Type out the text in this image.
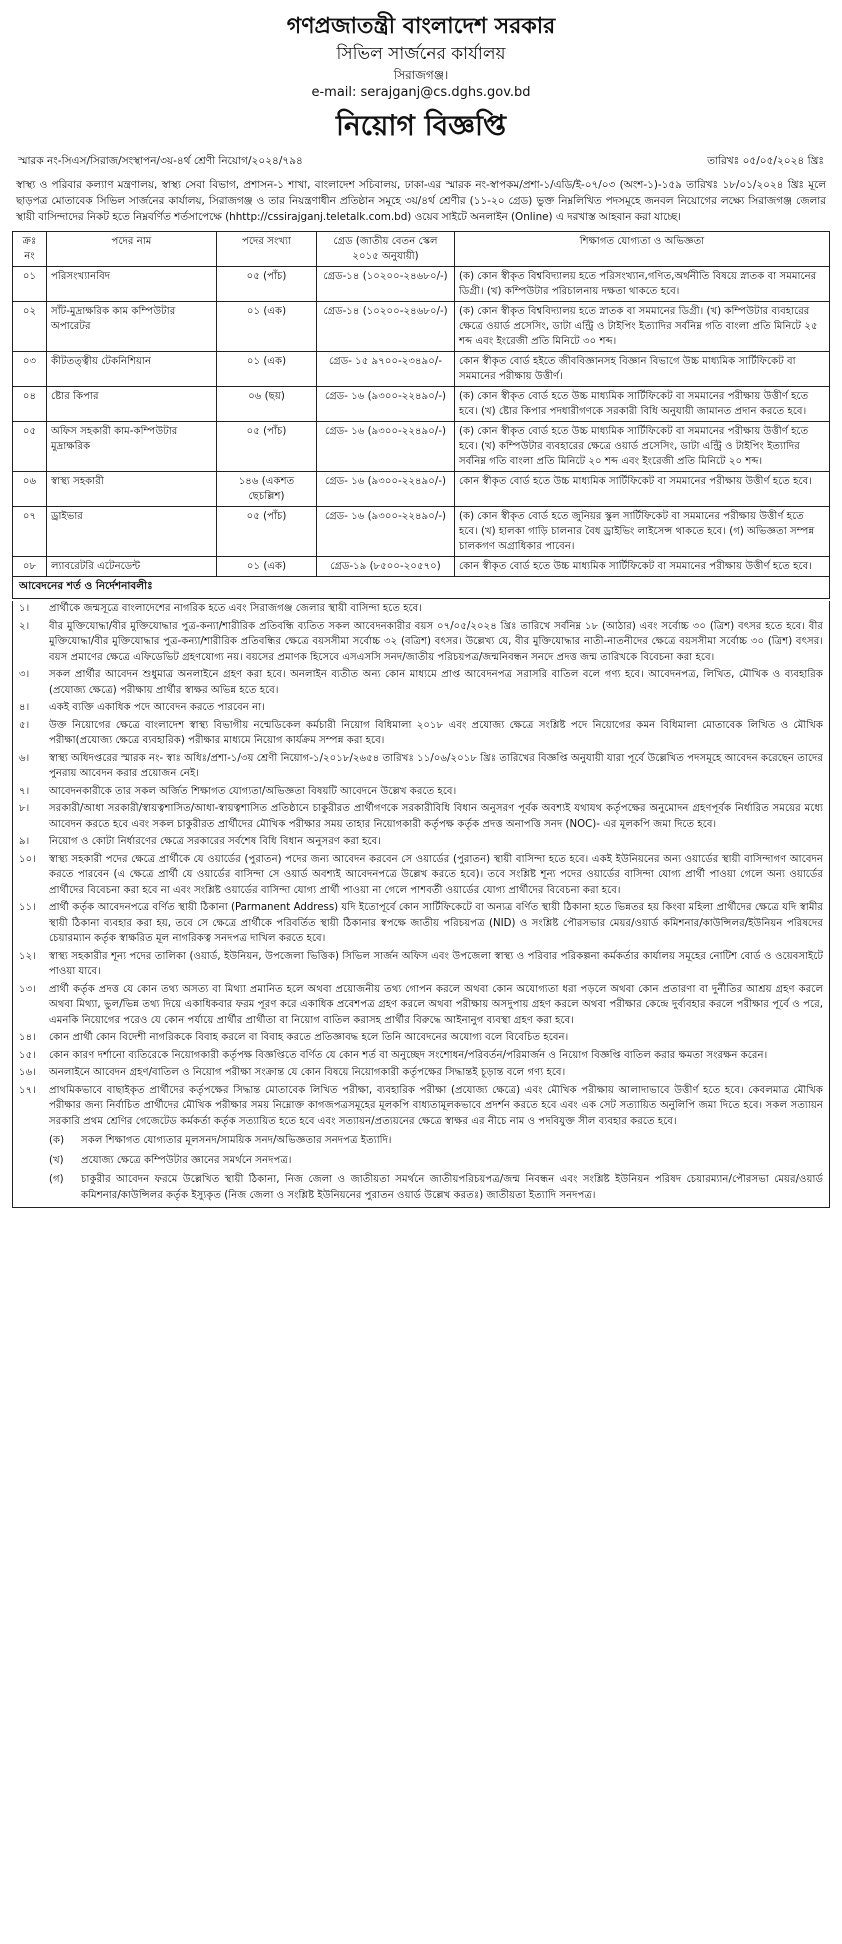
গণপ্রজাতন্ত্রী বাংলাদেশ সরকার
সিভিল সার্জনের কার্যালয়
সিরাজগঞ্জ।
e-mail: serajganj@cs.dghs.gov.bd
নিয়োগ বিজ্ঞপ্তি
স্মারক নং-সিএস/সিরাজ/সংস্থাপন/৩য়-৪র্থ শ্রেণী নিয়োগ/২০২৪/৭৯৪	তারিখঃ ০৫/০৫/২০২৪ খ্রিঃ
স্বাস্থ্য ও পরিবার কল্যাণ মন্ত্রণালয়, স্বাস্থ্য সেবা বিভাগ, প্রশাসন-১ শাখা, বাংলাদেশ সচিবালয়, ঢাকা-এর স্মারক নং-স্বাপকম/প্রশা-১/এডি/ই-০৭/০৩ (অংশ-১)-১৫৯ তারিখঃ ১৮/০১/২০২৪ খ্রিঃ মূলে ছাড়পত্র মোতাবেক সিভিল সার্জনের কার্যালয়, সিরাজগঞ্জ ও তার নিয়ন্ত্রণাধীন প্রতিষ্ঠান সমূহে ৩য়/৪র্থ শ্রেণীর (১১-২০ গ্রেড) ভুক্ত নিম্নলিখিত পদসমূহে জনবল নিয়োগের লক্ষ্যে সিরাজগঞ্জ জেলার স্থায়ী বাসিন্দাদের নিকট হতে নিম্নবর্ণিত শর্তসাপেক্ষে (hhttp://cssirajganj.teletalk.com.bd) ওয়েব সাইটে অনলাইন (Online) এ দরখাস্ত আহবান করা যাচ্ছে।
ক্রঃ নং	পদের নাম	পদের সংখ্যা	গ্রেড (জাতীয় বেতন স্কেল ২০১৫ অনুযায়ী)	শিক্ষাগত যোগ্যতা ও অভিজ্ঞতা
০১	পরিসংখ্যানবিদ	০৫ (পাঁচ)	গ্রেড-১৪ (১০২০০-২৪৬৮০/-)	(ক) কোন স্বীকৃত বিশ্ববিদ্যালয় হতে পরিসংখ্যান,গণিত,অর্থনীতি বিষয়ে স্নাতক বা সমমানের ডিগ্রী। (খ) কম্পিউটার পরিচালনায় দক্ষতা থাকতে হবে।
০২	সাঁট-মুদ্রাক্ষরিক কাম কম্পিউটার অপারেটর	০১ (এক)	গ্রেড-১৪ (১০২০০-২৪৬৮০/-)	(ক) কোন স্বীকৃত বিশ্ববিদ্যালয় হতে স্নাতক বা সমমানের ডিগ্রী। (খ) কম্পিউটার ব্যবহারের ক্ষেত্রে ওয়ার্ড প্রসেসিং, ডাটা এন্ট্রি ও টাইপিং ইত্যাদির সর্বনিম্ন গতি বাংলা প্রতি মিনিটে ২৫ শব্দ এবং ইংরেজী প্রতি মিনিটে ৩০ শব্দ।
০৩	কীটতত্ত্বীয় টেকনিশিয়ান	০১ (এক)	গ্রেড- ১৫ ৯৭০০-২৩৪৯০/-	কোন স্বীকৃত বোর্ড হইতে জীববিজ্ঞানসহ বিজ্ঞান বিভাগে উচ্চ মাধ্যমিক সার্টিফিকেট বা সমমানের পরীক্ষায় উত্তীর্ণ।
০৪	ষ্টোর কিপার	০৬ (ছয়)	গ্রেড- ১৬ (৯৩০০-২২৪৯০/-)	(ক) কোন স্বীকৃত বোর্ড হতে উচ্চ মাধ্যমিক সার্টিফিকেট বা সমমানের পরীক্ষায় উত্তীর্ণ হতে হবে। (খ) ষ্টোর কিপার পদধারীগণকে সরকারী বিধি অনুযায়ী জামানত প্রদান করতে হবে।
০৫	অফিস সহকারী কাম-কম্পিউটার মুদ্রাক্ষরিক	০৫ (পাঁচ)	গ্রেড- ১৬ (৯৩০০-২২৪৯০/-)	(ক) কোন স্বীকৃত বোর্ড হতে উচ্চ মাধ্যমিক সার্টিফিকেট বা সমমানের পরীক্ষায় উত্তীর্ণ হতে হবে। (খ) কম্পিউটার ব্যবহারের ক্ষেত্রে ওয়ার্ড প্রসেসিং, ডাটা এন্ট্রি ও টাইপিং ইত্যাদির সর্বনিম্ন গতি বাংলা প্রতি মিনিটে ২০ শব্দ এবং ইংরেজী প্রতি মিনিটে ২০ শব্দ।
০৬	স্বাস্থ্য সহকারী	১৪৬ (একশত ছেচল্লিশ)	গ্রেড- ১৬ (৯৩০০-২২৪৯০/-)	কোন স্বীকৃত বোর্ড হতে উচ্চ মাধ্যমিক সার্টিফিকেট বা সমমানের পরীক্ষায় উত্তীর্ণ হতে হবে।
০৭	ড্রাইভার	০৫ (পাঁচ)	গ্রেড- ১৬ (৯৩০০-২২৪৯০/-)	(ক) কোন স্বীকৃত বোর্ড হতে জুনিয়র স্কুল সার্টিফিকেট বা সমমানের পরীক্ষায় উত্তীর্ণ হতে হবে। (খ) হালকা গাড়ি চালনার বৈধ ড্রাইভিং লাইসেন্স থাকতে হবে। (গ) অভিজ্ঞতা সম্পন্ন চালকগণ অগ্রাধিকার পাবেন।
০৮	ল্যাবরেটরি এটেনডেন্ট	০১ (এক)	গ্রেড-১৯ (৮৫০০-২০৫৭০)	কোন স্বীকৃত বোর্ড হতে উচ্চ মাধ্যমিক সার্টিফিকেট বা সমমানের পরীক্ষায় উত্তীর্ণ হতে হবে।
আবেদনের শর্ত ও নির্দেশনাবলীঃ
১।	প্রার্থীকে জন্মসূত্রে বাংলাদেশের নাগরিক হতে এবং সিরাজগঞ্জ জেলার স্থায়ী বাসিন্দা হতে হবে।
২।	বীর মুক্তিযোদ্ধা/বীর মুক্তিযোদ্ধার পুত্র-কন্যা/শারীরিক প্রতিবন্ধি ব্যতিত সকল আবেদনকারীর বয়স ০৭/০৫/২০২৪ খ্রিঃ তারিখে সর্বনিম্ন ১৮ (আঠার) এবং সর্বোচ্চ ৩০ (ত্রিশ) বৎসর হতে হবে। বীর মুক্তিযোদ্ধা/বীর মুক্তিযোদ্ধার পুত্র-কন্যা/শারীরিক প্রতিবন্ধির ক্ষেত্রে বয়সসীমা সর্বোচ্চ ৩২ (বত্রিশ) বৎসর। উল্লেখ্য যে, বীর মুক্তিযোদ্ধার নাতী-নাতনীদের ক্ষেত্রে বয়সসীমা সর্বোচ্চ ৩০ (ত্রিশ) বৎসর। বয়স প্রমাণের ক্ষেত্রে এফিডেভিট গ্রহণযোগ্য নয়। বয়সের প্রমাণক হিসেবে এসএসসি সনদ/জাতীয় পরিচয়পত্র/জন্মনিবন্ধন সনদে প্রদত্ত জন্ম তারিখকে বিবেচনা করা হবে।
৩।	সকল প্রার্থীর আবেদন শুধুমাত্র অনলাইনে গ্রহণ করা হবে। অনলাইন ব্যতীত অন্য কোন মাধ্যমে প্রাপ্ত আবেদনপত্র সরাসরি বাতিল বলে গণ্য হবে। আবেদনপত্র, লিখিত, মৌখিক ও ব্যবহারিক (প্রযোজ্য ক্ষেত্রে) পরীক্ষায় প্রার্থীর স্বাক্ষর অভিন্ন হতে হবে।
৪।	একই ব্যক্তি একাধিক পদে আবেদন করতে পারবেন না।
৫।	উক্ত নিয়োগের ক্ষেত্রে বাংলাদেশ স্বাস্থ্য বিভাগীয় নন্মেডিকেল কর্মচারী নিয়োগ বিধিমালা ২০১৮ এবং প্রযোজ্য ক্ষেত্রে সংশ্লিষ্ট পদে নিয়োগের কমন বিধিমালা মোতাবেক লিখিত ও মৌখিক পরীক্ষা(প্রযোজ্য ক্ষেত্রে ব্যবহারিক) পরীক্ষার মাধ্যমে নিয়োগ কার্যক্রম সম্পন্ন করা হবে।
৬।	স্বাস্থ্য অধিদপ্তরের স্মারক নং- স্বাঃ অধিঃ/প্রশা-১/৩য় শ্রেণী নিয়োগ-১/২০১৮/২৬৫৪ তারিখঃ ১১/০৬/২০১৮ খ্রিঃ তারিখের বিজ্ঞপ্তি অনুযায়ী যারা পূর্বে উল্লেখিত পদসমূহে আবেদন করেছেন তাদের পুনরায় আবেদন করার প্রয়োজন নেই।
৭।	আবেদনকারীকে তার সকল অর্জিত শিক্ষাগত যোগ্যতা/অভিজ্ঞতা বিষয়টি আবেদনে উল্লেখ করতে হবে।
৮।	সরকারী/আধা সরকারী/স্বায়ত্বশাসিত/আধা-স্বায়ত্বশাসিত প্রতিষ্ঠানে চাকুরীরত প্রার্থীগণকে সরকারীবিধি বিধান অনুসরণ পূর্বক অবশ্যই যথাযথ কর্তৃপক্ষের অনুমোদন গ্রহণপূর্বক নির্ধারিত সময়ের মধ্যে আবেদন করতে হবে এবং সকল চাকুরীরত প্রার্থীদের মৌখিক পরীক্ষার সময় তাহার নিয়োগকারী কর্তৃপক্ষ কর্তৃক প্রদত্ত অনাপত্তি সনদ (NOC)- এর মূলকপি জমা দিতে হবে।
৯।	নিয়োগ ও কোটা নির্ধারণের ক্ষেত্রে সরকারের সর্বশেষ বিধি বিধান অনুসরণ করা হবে।
১০।	স্বাস্থ্য সহকারী পদের ক্ষেত্রে প্রার্থীকে যে ওয়ার্ডের (পুরাতন) পদের জন্য আবেদন করবেন সে ওয়ার্ডের (পুরাতন) স্থায়ী বাসিন্দা হতে হবে। একই ইউনিয়নের অন্য ওয়ার্ডের স্থায়ী বাসিন্দাগণ আবেদন করতে পারবেন (এ ক্ষেত্রে প্রার্থী যে ওয়ার্ডের বাসিন্দা সে ওয়ার্ড অবশ্যই আবেদনপত্রে উল্লেখ করতে হবে)। তবে সংশ্লিষ্ট শূন্য পদের ওয়ার্ডের বাসিন্দা যোগ্য প্রার্থী পাওয়া গেলে অন্য ওয়ার্ডের প্রার্থীদের বিবেচনা করা হবে না এবং সংশ্লিষ্ট ওয়ার্ডের বাসিন্দা যোগ্য প্রার্থী পাওয়া না গেলে পাশবর্তী ওয়ার্ডের যোগ্য প্রার্থীদের বিবেচনা করা হবে।
১১।	প্রার্থী কর্তৃক আবেদনপত্রে বর্ণিত স্থায়ী ঠিকানা (Parmanent Address) যদি ইতোপূর্বে কোন সার্টিফিকেটে বা অন্যত্র বর্ণিত স্থায়ী ঠিকানা হতে ভিন্নতর হয় কিংবা মহিলা প্রার্থীদের ক্ষেত্রে যদি স্বামীর স্থায়ী ঠিকানা ব্যবহার করা হয়, তবে সে ক্ষেত্রে প্রার্থীকে পরিবর্তিত স্থায়ী ঠিকানার স্বপক্ষে জাতীয় পরিচয়পত্র (NID) ও সংশ্লিষ্ট পৌরসভার মেয়র/ওয়ার্ড কমিশনার/কাউন্সিলর/ইউনিয়ন পরিষদের চেয়ারম্যান কর্তৃক স্বাক্ষরিত মূল নাগরিকত্ব সনদপত্র দাখিল করতে হবে।
১২।	স্বাস্থ্য সহকারীর শূন্য পদের তালিকা (ওয়ার্ড, ইউনিয়ন, উপজেলা ভিত্তিক) সিভিল সার্জন অফিস এবং উপজেলা স্বাস্থ্য ও পরিবার পরিকল্পনা কর্মকর্তার কার্যালয় সমূহের নোটিশ বোর্ড ও ওয়েবসাইটে পাওয়া যাবে।
১৩।	প্রার্থী কর্তৃক প্রদত্ত যে কোন তথ্য অসত্য বা মিথ্যা প্রমানিত হলে অথবা প্রয়োজনীয় তথ্য গোপন করলে অথবা কোন অযোগ্যতা ধরা পড়লে অথবা কোন প্রতারণা বা দুর্নীতির আশ্রয় গ্রহণ করলে অথবা মিথ্যা, ভুল/ভিন্ন তথ্য দিয়ে একাধিকবার ফরম পূরণ করে একাধিক প্রবেশপত্র গ্রহণ করলে অথবা পরীক্ষায় অসদুপায় গ্রহণ করলে অথবা পরীক্ষার কেন্দ্রে দুর্ব্যবহার করলে পরীক্ষার পূর্বে ও পরে, এমনকি নিয়োগের পরেও যে কোন পর্যায়ে প্রার্থীর প্রার্থীতা বা নিয়োগ বাতিল করাসহ প্রার্থীর বিরুদ্ধে আইনানুগ ব্যবস্থা গ্রহণ করা হবে।
১৪।	কোন প্রার্থী কোন বিদেশী নাগরিককে বিবাহ করলে বা বিবাহ করতে প্রতিজ্ঞাবদ্ধ হলে তিনি আবেদনের অযোগ্য বলে বিবেচিত হবেন।
১৫।	কোন কারণ দর্শানো ব্যতিরেকে নিয়োগকারী কর্তৃপক্ষ বিজ্ঞপ্তিতে বর্ণিত যে কোন শর্ত বা অনুচ্ছেদ সংশোধন/পরিবর্তন/পরিমার্জন ও নিয়োগ বিজ্ঞপ্তি বাতিল করার ক্ষমতা সংরক্ষন করেন।
১৬।	অনলাইনে আবেদন গ্রহণ/বাতিল ও নিয়োগ পরীক্ষা সংক্রান্ত যে কোন বিষয়ে নিয়োগকারী কর্তৃপক্ষের সিদ্ধান্তই চূড়ান্ত বলে গণ্য হবে।
১৭।	প্রাথমিকভাবে বাছাইকৃত প্রার্থীদের কর্তৃপক্ষের সিদ্ধান্ত মোতাবেক লিখিত পরীক্ষা, ব্যবহারিক পরীক্ষা (প্রযোজ্য ক্ষেত্রে) এবং মৌখিক পরীক্ষায় আলাদাভাবে উত্তীর্ণ হতে হবে। কেবলমাত্র মৌখিক পরীক্ষার জন্য নির্বাচিত প্রার্থীদের মৌখিক পরীক্ষার সময় নিম্নোক্ত কাগজপত্রসমূহের মূলকপি বাধ্যতামূলকভাবে প্রদর্শন করতে হবে এবং এক সেট সত্যায়িত অনুলিপি জমা দিতে হবে। সকল সত্যায়ন সরকারি প্রথম শ্রেণির গেজেটেড কর্মকর্তা কর্তৃক সত্যায়িত হতে হবে এবং সত্যায়ন/প্রত্যয়নের ক্ষেত্রে স্বাক্ষর এর নীচে নাম ও পদবিযুক্ত সীল ব্যবহার করতে হবে।
(ক)	সকল শিক্ষাগত যোগ্যতার মূলসনদ/সাময়িক সনদ/অভিজ্ঞতার সনদপত্র ইত্যাদি।
(খ)	প্রযোজ্য ক্ষেত্রে কম্পিউটার জ্ঞানের সমর্থনে সনদপত্র।
(গ)	চাকুরীর আবেদন ফরমে উল্লেখিত স্থায়ী ঠিকানা, নিজ জেলা ও জাতীয়তা সমর্থনে জাতীয়পরিচয়পত্র/জন্ম নিবন্ধন এবং সংশ্লিষ্ট ইউনিয়ন পরিষদ চেয়ারম্যান/পৌরসভা মেয়র/ওয়ার্ড কমিশনার/কাউন্সিলর কর্তৃক ইস্যুকৃত (নিজ জেলা ও সংশ্লিষ্ট ইউনিয়নের পুরাতন ওয়ার্ড উল্লেখ করতঃ) জাতীয়তা ইত্যাদি সনদপত্র।
